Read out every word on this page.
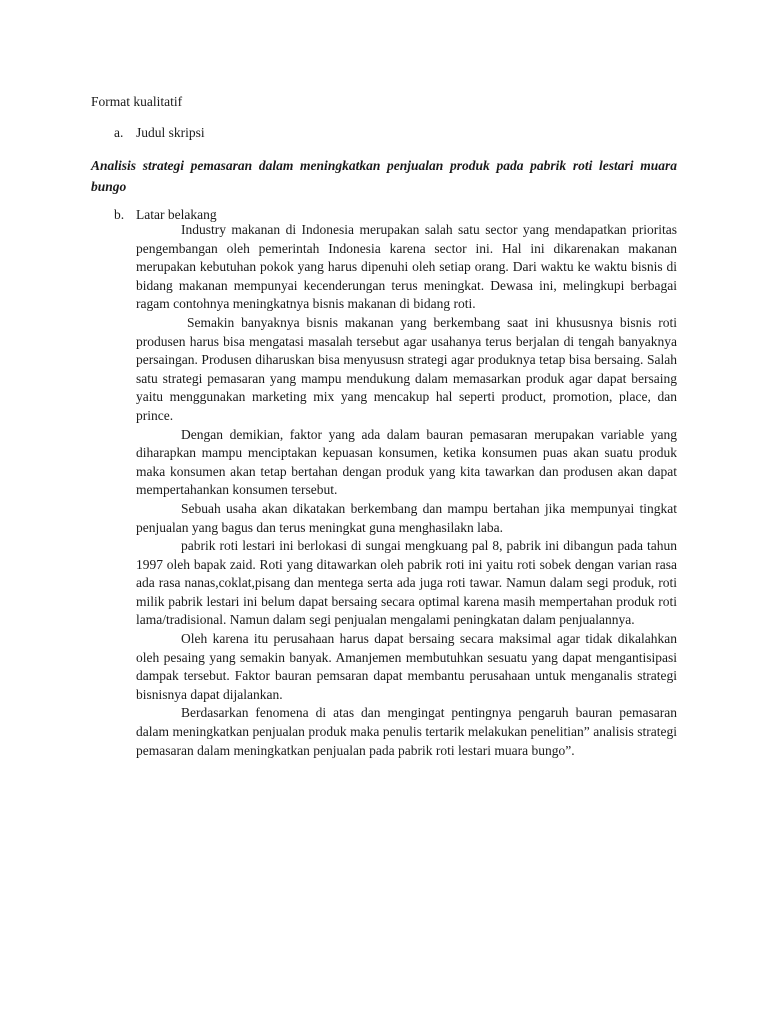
Format kualitatif
a. Judul skripsi
Analisis strategi pemasaran dalam meningkatkan penjualan produk pada pabrik roti lestari muara bungo
b. Latar belakang

Industry makanan di Indonesia merupakan salah satu sector yang mendapatkan prioritas pengembangan oleh pemerintah Indonesia karena sector ini. Hal ini dikarenakan makanan merupakan kebutuhan pokok yang harus dipenuhi oleh setiap orang. Dari waktu ke waktu bisnis di bidang makanan mempunyai kecenderungan terus meningkat. Dewasa ini, melingkupi berbagai ragam contohnya meningkatnya bisnis makanan di bidang roti.

Semakin banyaknya bisnis makanan yang berkembang saat ini khususnya bisnis roti produsen harus bisa mengatasi masalah tersebut agar usahanya terus berjalan di tengah banyaknya persaingan. Produsen diharuskan bisa menyususn strategi agar produknya tetap bisa bersaing. Salah satu strategi pemasaran yang mampu mendukung dalam memasarkan produk agar dapat bersaing yaitu menggunakan marketing mix yang mencakup hal seperti product, promotion, place, dan prince.

Dengan demikian, faktor yang ada dalam bauran pemasaran merupakan variable yang diharapkan mampu menciptakan kepuasan konsumen, ketika konsumen puas akan suatu produk maka konsumen akan tetap bertahan dengan produk yang kita tawarkan dan produsen akan dapat mempertahankan konsumen tersebut.

Sebuah usaha akan dikatakan berkembang dan mampu bertahan jika mempunyai tingkat penjualan yang bagus dan terus meningkat guna menghasilakn laba.

pabrik roti lestari ini berlokasi di sungai mengkuang pal 8, pabrik ini dibangun pada tahun 1997 oleh bapak zaid. Roti yang ditawarkan oleh pabrik roti ini yaitu roti sobek dengan varian rasa ada rasa nanas,coklat,pisang dan mentega serta ada juga roti tawar. Namun dalam segi produk, roti milik pabrik lestari ini belum dapat bersaing secara optimal karena masih mempertahan produk roti lama/tradisional. Namun dalam segi penjualan mengalami peningkatan dalam penjualannya.

Oleh karena itu perusahaan harus dapat bersaing secara maksimal agar tidak dikalahkan oleh pesaing yang semakin banyak. Amanjemen membutuhkan sesuatu yang dapat mengantisipasi dampak tersebut. Faktor bauran pemsaran dapat membantu perusahaan untuk menganalis strategi bisnisnya dapat dijalankan.

Berdasarkan fenomena di atas dan mengingat pentingnya pengaruh bauran pemasaran dalam meningkatkan penjualan produk maka penulis tertarik melakukan penelitian” analisis strategi pemasaran dalam meningkatkan penjualan pada pabrik roti lestari muara bungo”.
